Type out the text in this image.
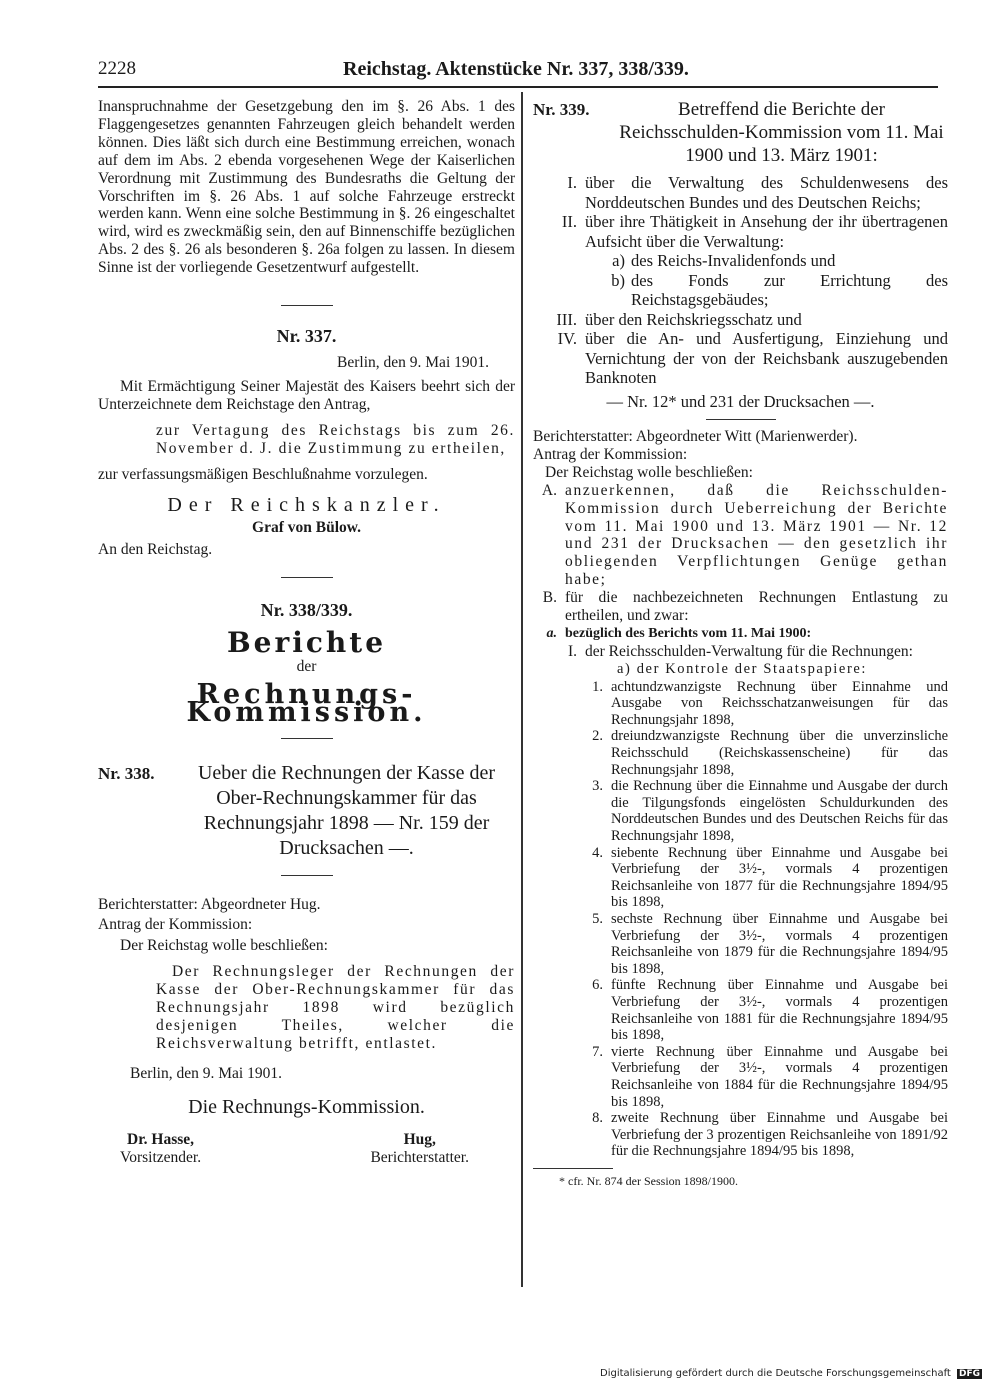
2228	Reichstag. Aktenstücke Nr. 337, 338/339.

Inanspruchnahme der Gesetzgebung den im §. 26 Abs. 1 des Flaggengesetzes genannten Fahrzeugen gleich behandelt werden können. Dies läßt sich durch eine Bestimmung erreichen, wonach auf dem im Abs. 2 ebenda vorgesehenen Wege der Kaiserlichen Verordnung mit Zustimmung des Bundesraths die Geltung der Vorschriften im §. 26 Abs. 1 auf solche Fahrzeuge erstreckt werden kann. Wenn eine solche Bestimmung in §. 26 eingeschaltet wird, wird es zweckmäßig sein, den auf Binnenschiffe bezüglichen Abs. 2 des §. 26 als besonderen §. 26a folgen zu lassen. In diesem Sinne ist der vorliegende Gesetzentwurf aufgestellt.

Nr. 337.

Berlin, den 9. Mai 1901.

Mit Ermächtigung Seiner Majestät des Kaisers beehrt sich der Unterzeichnete dem Reichstage den Antrag,

zur Vertagung des Reichstags bis zum 26. November d. J. die Zustimmung zu ertheilen,

zur verfassungsmäßigen Beschlußnahme vorzulegen.

Der Reichskanzler.

Graf von Bülow.

An den Reichstag.

Nr. 338/339.

Berichte

der

Rechnungs-Kommission.

Nr. 338.	Ueber die Rechnungen der Kasse der Ober-Rechnungskammer für das Rechnungsjahr 1898 — Nr. 159 der Drucksachen —.

Berichterstatter: Abgeordneter Hug.

Antrag der Kommission:

Der Reichstag wolle beschließen:

Der Rechnungsleger der Rechnungen der Kasse der Ober-Rechnungskammer für das Rechnungsjahr 1898 wird bezüglich desjenigen Theiles, welcher die Reichsverwaltung betrifft, entlastet.

Berlin, den 9. Mai 1901.

Die Rechnungs-Kommission.

Dr. Hasse,

Vorsitzender.

Hug,

Berichterstatter.

Nr. 339.	Betreffend die Berichte der Reichsschulden-Kommission vom 11. Mai 1900 und 13. März 1901:
I. über die Verwaltung des Schuldenwesens des Norddeutschen Bundes und des Deutschen Reichs;
II. über ihre Thätigkeit in Ansehung der ihr übertragenen Aufsicht über die Verwaltung:
a) des Reichs-Invalidenfonds und
b) des Fonds zur Errichtung des Reichstagsgebäudes;
III. über den Reichskriegsschatz und
IV. über die An- und Ausfertigung, Einziehung und Vernichtung der von der Reichsbank auszugebenden Banknoten

— Nr. 12* und 231 der Drucksachen —.

Berichterstatter: Abgeordneter Witt (Marienwerder).

Antrag der Kommission:

Der Reichstag wolle beschließen:

A. anzuerkennen, daß die Reichsschulden-Kommission durch Ueberreichung der Berichte vom 11. Mai 1900 und 13. März 1901 — Nr. 12 und 231 der Drucksachen — den gesetzlich ihr obliegenden Verpflichtungen Genüge gethan habe;
B. für die nachbezeichneten Rechnungen Entlastung zu ertheilen, und zwar:
a. bezüglich des Berichts vom 11. Mai 1900:
I. der Reichsschulden-Verwaltung für die Rechnungen:

a) der Kontrole der Staatspapiere:

1. achtundzwanzigste Rechnung über Einnahme und Ausgabe von Reichsschatzanweisungen für das Rechnungsjahr 1898,
2. dreiundzwanzigste Rechnung über die unverzinsliche Reichsschuld (Reichskassenscheine) für das Rechnungsjahr 1898,
3. die Rechnung über die Einnahme und Ausgabe der durch die Tilgungsfonds eingelösten Schuldurkunden des Norddeutschen Bundes und des Deutschen Reichs für das Rechnungsjahr 1898,
4. siebente Rechnung über Einnahme und Ausgabe bei Verbriefung der 3½-, vormals 4 prozentigen Reichsanleihe von 1877 für die Rechnungsjahre 1894/95 bis 1898,
5. sechste Rechnung über Einnahme und Ausgabe bei Verbriefung der 3½-, vormals 4 prozentigen Reichsanleihe von 1879 für die Rechnungsjahre 1894/95 bis 1898,
6. fünfte Rechnung über Einnahme und Ausgabe bei Verbriefung der 3½-, vormals 4 prozentigen Reichsanleihe von 1881 für die Rechnungsjahre 1894/95 bis 1898,
7. vierte Rechnung über Einnahme und Ausgabe bei Verbriefung der 3½-, vormals 4 prozentigen Reichsanleihe von 1884 für die Rechnungsjahre 1894/95 bis 1898,
8. zweite Rechnung über Einnahme und Ausgabe bei Verbriefung der 3 prozentigen Reichsanleihe von 1891/92 für die Rechnungsjahre 1894/95 bis 1898,

* cfr. Nr. 874 der Session 1898/1900.

Digitalisierung gefördert durch die Deutsche Forschungsgemeinschaft DFG
